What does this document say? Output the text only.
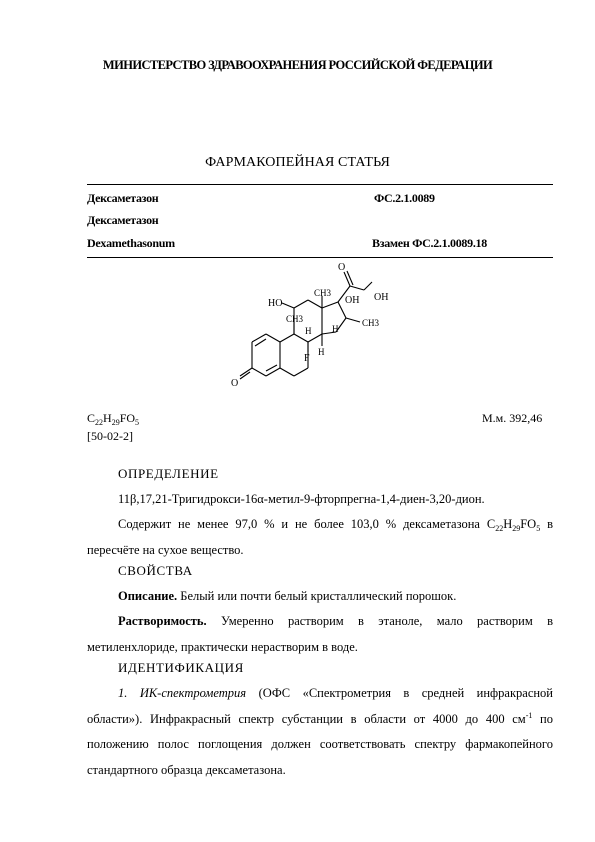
МИНИСТЕРСТВО ЗДРАВООХРАНЕНИЯ РОССИЙСКОЙ ФЕДЕРАЦИИ
ФАРМАКОПЕЙНАЯ СТАТЬЯ
Дексаметазон	ФС.2.1.0089
Дексаметазон
Dexamethasonum	Взамен ФС.2.1.0089.18
O
OH
HO
CH3
OH
CH3
H H
CH3
F
H
O
$C_{22}H_{29}FO_5$	М.м. 392,46
[50-02-2]
ОПРЕДЕЛЕНИЕ
11β,17,21-Тригидрокси-16α-метил-9-фторпрегна-1,4-диен-3,20-дион.
Содержит не менее 97,0 % и не более 103,0 % дексаметазона $C_{22}H_{29}FO_5$ в пересчёте на сухое вещество.
СВОЙСТВА
Описание. Белый или почти белый кристаллический порошок.
Растворимость. Умеренно растворим в этаноле, мало растворим в метиленхлориде, практически нерастворим в воде.
ИДЕНТИФИКАЦИЯ
1. ИК-спектрометрия (ОФС «Спектрометрия в средней инфракрасной области»). Инфракрасный спектр субстанции в области от 4000 до 400 $см^{-1}$ по положению полос поглощения должен соответствовать спектру фармакопейного стандартного образца дексаметазона.
